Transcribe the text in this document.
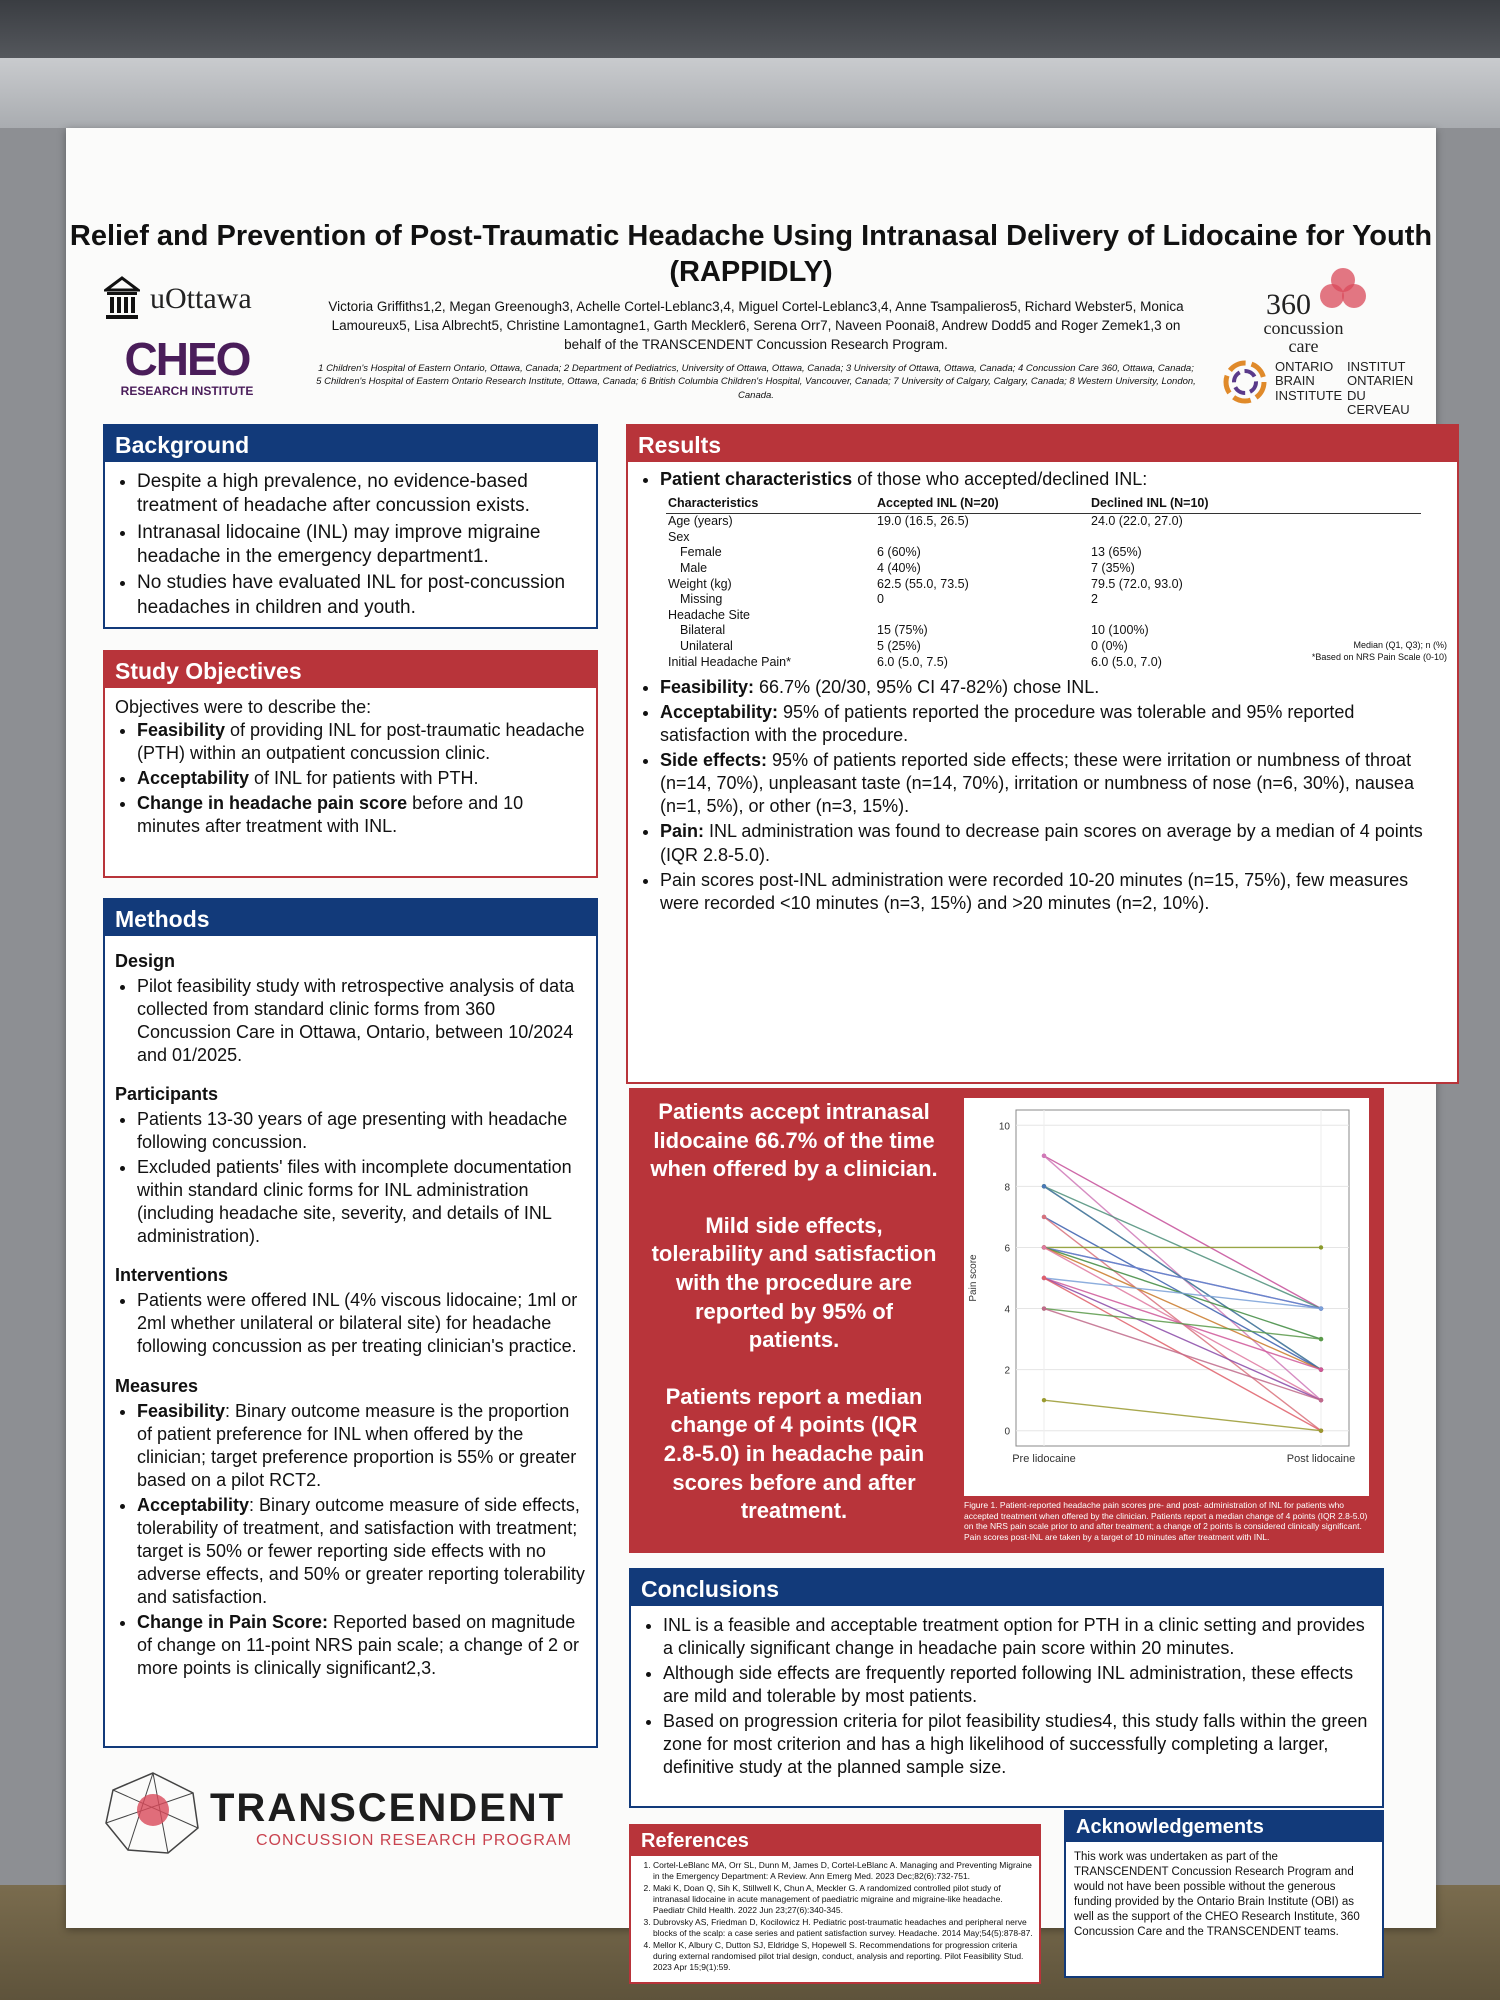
Relief and Prevention of Post-Traumatic Headache Using Intranasal Delivery of Lidocaine for Youth (RAPPIDLY)
Victoria Griffiths1,2, Megan Greenough3, Achelle Cortel-Leblanc3,4, Miguel Cortel-Leblanc3,4, Anne Tsampalieros5, Richard Webster5, Monica Lamoureux5, Lisa Albrecht5, Christine Lamontagne1, Garth Meckler6, Serena Orr7, Naveen Poonai8, Andrew Dodd5 and Roger Zemek1,3 on behalf of the TRANSCENDENT Concussion Research Program.
1 Children's Hospital of Eastern Ontario, Ottawa, Canada; 2 Department of Pediatrics, University of Ottawa, Ottawa, Canada; 3 University of Ottawa, Ottawa, Canada; 4 Concussion Care 360, Ottawa, Canada; 5 Children's Hospital of Eastern Ontario Research Institute, Ottawa, Canada; 6 British Columbia Children's Hospital, Vancouver, Canada; 7 University of Calgary, Calgary, Canada; 8 Western University, London, Canada.
uOttawa
CHEO
RESEARCH INSTITUTE
360
concussion
care
ONTARIO BRAIN INSTITUTE
INSTITUT ONTARIEN DU CERVEAU
Background
• Despite a high prevalence, no evidence-based treatment of headache after concussion exists.
• Intranasal lidocaine (INL) may improve migraine headache in the emergency department1.
• No studies have evaluated INL for post-concussion headaches in children and youth.
Study Objectives
Objectives were to describe the:
• Feasibility of providing INL for post-traumatic headache (PTH) within an outpatient concussion clinic.
• Acceptability of INL for patients with PTH.
• Change in headache pain score before and 10 minutes after treatment with INL.
Methods
Design
• Pilot feasibility study with retrospective analysis of data collected from standard clinic forms from 360 Concussion Care in Ottawa, Ontario, between 10/2024 and 01/2025.
Participants
• Patients 13-30 years of age presenting with headache following concussion.
• Excluded patients' files with incomplete documentation within standard clinic forms for INL administration (including headache site, severity, and details of INL administration).
Interventions
• Patients were offered INL (4% viscous lidocaine; 1ml or 2ml whether unilateral or bilateral site) for headache following concussion as per treating clinician's practice.
Measures
• Feasibility: Binary outcome measure is the proportion of patient preference for INL when offered by the clinician; target preference proportion is 55% or greater based on a pilot RCT2.
• Acceptability: Binary outcome measure of side effects, tolerability of treatment, and satisfaction with treatment; target is 50% or fewer reporting side effects with no adverse effects, and 50% or greater reporting tolerability and satisfaction.
• Change in Pain Score: Reported based on magnitude of change on 11-point NRS pain scale; a change of 2 or more points is clinically significant2,3.
Results
• Patient characteristics of those who accepted/declined INL:
Characteristics	Accepted INL (N=20)	Declined INL (N=10)
Age (years)	19.0 (16.5, 26.5)	24.0 (22.0, 27.0)
Sex		
Female	6 (60%)	13 (65%)
Male	4 (40%)	7 (35%)
Weight (kg)	62.5 (55.0, 73.5)	79.5 (72.0, 93.0)
Missing	0	2
Headache Site		
Bilateral	15 (75%)	10 (100%)
Unilateral	5 (25%)	0 (0%)
Initial Headache Pain*	6.0 (5.0, 7.5)	6.0 (5.0, 7.0)
Median (Q1, Q3); n (%)
*Based on NRS Pain Scale (0-10)
• Feasibility: 66.7% (20/30, 95% CI 47-82%) chose INL.
• Acceptability: 95% of patients reported the procedure was tolerable and 95% reported satisfaction with the procedure.
• Side effects: 95% of patients reported side effects; these were irritation or numbness of throat (n=14, 70%), unpleasant taste (n=14, 70%), irritation or numbness of nose (n=6, 30%), nausea (n=1, 5%), or other (n=3, 15%).
• Pain: INL administration was found to decrease pain scores on average by a median of 4 points (IQR 2.8-5.0).
• Pain scores post-INL administration were recorded 10-20 minutes (n=15, 75%), few measures were recorded <10 minutes (n=3, 15%) and >20 minutes (n=2, 10%).

Patients accept intranasal lidocaine 66.7% of the time when offered by a clinician.

Mild side effects, tolerability and satisfaction with the procedure are reported by 95% of patients.

Patients report a median change of 4 points (IQR 2.8-5.0) in headache pain scores before and after treatment.

0
2
4
6
8
10
Pre lidocaine	Post lidocaine
Pain score
Figure 1. Patient-reported headache pain scores pre- and post- administration of INL for patients who accepted treatment when offered by the clinician. Patients report a median change of 4 points (IQR 2.8-5.0) on the NRS pain scale prior to and after treatment; a change of 2 points is considered clinically significant. Pain scores post-INL are taken by a target of 10 minutes after treatment with INL.
Conclusions
• INL is a feasible and acceptable treatment option for PTH in a clinic setting and provides a clinically significant change in headache pain score within 20 minutes.
• Although side effects are frequently reported following INL administration, these effects are mild and tolerable by most patients.
• Based on progression criteria for pilot feasibility studies4, this study falls within the green zone for most criterion and has a high likelihood of successfully completing a larger, definitive study at the planned sample size.
References
1. Cortel-LeBlanc MA, Orr SL, Dunn M, James D, Cortel-LeBlanc A. Managing and Preventing Migraine in the Emergency Department: A Review. Ann Emerg Med. 2023 Dec;82(6):732-751.
2. Maki K, Doan Q, Sih K, Stillwell K, Chun A, Meckler G. A randomized controlled pilot study of intranasal lidocaine in acute management of paediatric migraine and migraine-like headache. Paediatr Child Health. 2022 Jun 23;27(6):340-345.
3. Dubrovsky AS, Friedman D, Kocilowicz H. Pediatric post-traumatic headaches and peripheral nerve blocks of the scalp: a case series and patient satisfaction survey. Headache. 2014 May;54(5):878-87.
4. Mellor K, Albury C, Dutton SJ, Eldridge S, Hopewell S. Recommendations for progression criteria during external randomised pilot trial design, conduct, analysis and reporting. Pilot Feasibility Stud. 2023 Apr 15;9(1):59.
Acknowledgements
This work was undertaken as part of the TRANSCENDENT Concussion Research Program and would not have been possible without the generous funding provided by the Ontario Brain Institute (OBI) as well as the support of the CHEO Research Institute, 360 Concussion Care and the TRANSCENDENT teams.
TRANSCENDENT
CONCUSSION RESEARCH PROGRAM
